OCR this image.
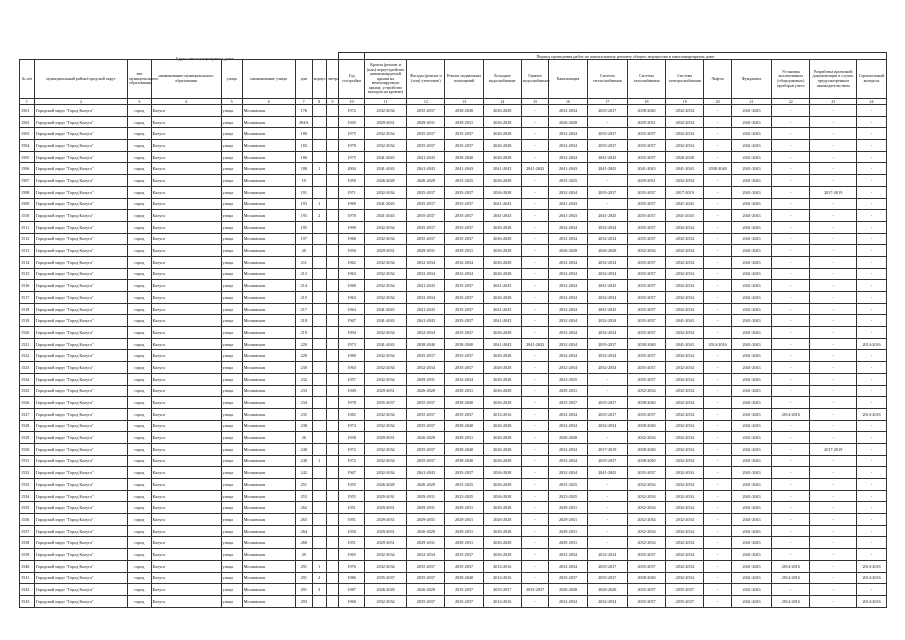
Адрес многоквартирного дома
										Период проведения работ по капитальному ремонту общего имущества в многоквартирном доме													
№ п/п	муниципальный район/городской округ	тип муниципального образования	наименование муниципального образования	улица	наименование улицы	дом	корпус	литера	Год постройки	Кровля (ремонт и (или) переустройство невентилируемой крыши на вентилируемую крышу, устройство выходов на кровлю)	Фасады (ремонт и (или) утепление)	Ремонт подвальных помещений	Холодное водоснабжение	Горячее водоснабжение	Канализация	Система теплоснабжения	Система газоснабжения	Система электроснабжения	Лифты	Фундамент	Установка коллективных (общедомовых) приборов учета	Разработка проектной документации в случае, предусмотренном законодательством	Строительный контроль
1	2	3	4	5	6	7	8	9	10	11	12	13	14	15	16	17	18	19	20	21	22	23	24
1501	Городской округ "Город Калуга"	город	Калуга	улица	Московская	176			1972	2032-2034	2035-2037	2038-2040	2026-2028	-	2032-2034	2035-2037	2038-2040	2032-2034	-	2041-2043	-	-	-
1502	Городской округ "Город Калуга"	город	Калуга	улица	Московская	284А			1945	2029-2031	2029-2031	2029-2031	2026-2028	-	2026-2028	-	2029-2031	2032-2034	-	2041-2043	-	-	-
1503	Городской округ "Город Калуга"	город	Калуга	улица	Московская	180			1975	2032-2034	2035-2037	2035-2037	2026-2028	-	2032-2034	2035-2037	2035-2037	2032-2034	-	2041-2043	-	-	-
1504	Городской округ "Город Калуга"	город	Калуга	улица	Московская	182			1978	2032-2034	2035-2037	2035-2037	2026-2028	-	2032-2034	2035-2037	2035-2037	2032-2034	-	2041-2043	-	-	-
1505	Городской округ "Город Калуга"	город	Калуга	улица	Московская	186			1975	2041-2043	2041-2043	2038-2040	2026-2028	-	2032-2034	2041-2043	2035-2037	2026-2028	-	2041-2043	-	-	-
1506	Городской округ "Город Калуга"	город	Калуга	улица	Московская	188	1		2004	2041-2043	2041-2043	2041-2043	2041-2043	2041-2043	2041-2043	2041-2043	2041-2043	2041-2043	2038-2040	2041-2043	-	-	-
1507	Городской округ "Город Калуга"	город	Калуга	улица	Московская	19			1959	2026-2028	2026-2028	2023-2025	2026-2028	-	2023-2025	-	2029-2031	2032-2034	-	2041-2043	-	-	-
1508	Городской округ "Город Калуга"	город	Калуга	улица	Московская	191			1971	2032-2034	2035-2037	2035-2037	2026-2028	-	2032-2034	2035-2037	2035-2037	2017-2019	-	2041-2043	-	2017-2019	-
1509	Городской округ "Город Калуга"	город	Калуга	улица	Московская	193	1		1969	2041-2043	2035-2037	2035-2037	2041-2043	-	2041-2043	-	2035-2037	2041-2043	-	2041-2043	-	-	-
1510	Городской округ "Город Калуга"	город	Калуга	улица	Московская	193	2		1970	2041-2043	2035-2037	2035-2037	2041-2043	-	2041-2043	2041-2043	2035-2037	2041-2043	-	2041-2043	-	-	-
1511	Городской округ "Город Калуга"	город	Калуга	улица	Московская	195			1990	2032-2034	2035-2037	2035-2037	2026-2028	-	2032-2034	2032-2034	2035-2037	2032-2034	-	2041-2043	-	-	-
1512	Городской округ "Город Калуга"	город	Калуга	улица	Московская	197			1968	2032-2034	2035-2037	2035-2037	2026-2028	-	2032-2034	2032-2034	2035-2037	2032-2034	-	2041-2043	-	-	-
1513	Городской округ "Город Калуга"	город	Калуга	улица	Московская	20			1950	2029-2031	2029-2031	2029-2031	2026-2028	-	2026-2028	2026-2028	2032-2034	2032-2034	-	2041-2043	-	-	-
1514	Городской округ "Город Калуга"	город	Калуга	улица	Московская	211			1962	2032-2034	2032-2034	2032-2034	2026-2028	-	2032-2034	2032-2034	2035-2037	2032-2034	-	2041-2043	-	-	-
1515	Городской округ "Город Калуга"	город	Калуга	улица	Московская	213			1963	2032-2034	2032-2034	2032-2034	2026-2028	-	2032-2034	2032-2034	2035-2037	2032-2034	-	2041-2043	-	-	-
1516	Городской округ "Город Калуга"	город	Калуга	улица	Московская	214			1968	2032-2034	2041-2043	2035-2037	2041-2043	-	2032-2034	2041-2043	2035-2037	2032-2034	-	2041-2043	-	-	-
1517	Городской округ "Город Калуга"	город	Калуга	улица	Московская	215			1963	2032-2034	2032-2034	2035-2037	2026-2028	-	2032-2034	2032-2034	2035-2037	2032-2034	-	2041-2043	-	-	-
1518	Городской округ "Город Калуга"	город	Калуга	улица	Московская	217			1964	2041-2043	2041-2043	2035-2037	2041-2043	-	2032-2034	2041-2043	2035-2037	2032-2034	-	2041-2043	-	-	-
1519	Городской округ "Город Калуга"	город	Калуга	улица	Московская	218			1967	2041-2043	2041-2043	2035-2037	2041-2043	-	2032-2034	2032-2034	2035-2037	2041-2043	-	2041-2043	-	-	-
1520	Городской округ "Город Калуга"	город	Калуга	улица	Московская	219			1994	2032-2034	2032-2034	2035-2037	2026-2028	-	2032-2034	2032-2034	2035-2037	2032-2034	-	2041-2043	-	-	-
1521	Городской округ "Город Калуга"	город	Калуга	улица	Московская	220			1973	2041-2043	2038-2040	2038-2040	2041-2043	2041-2043	2032-2034	2035-2037	2038-2040	2041-2043	2014-2016	2041-2043	-	-	2014-2016
1522	Городской округ "Город Калуга"	город	Калуга	улица	Московская	228			1980	2032-2034	2035-2037	2035-2037	2026-2028	-	2032-2034	2032-2034	2035-2037	2032-2034	-	2041-2043	-	-	-
1523	Городской округ "Город Калуга"	город	Калуга	улица	Московская	230			1963	2032-2034	2032-2034	2035-2037	2026-2028	-	2032-2034	2032-2034	2035-2037	2032-2034	-	2041-2043	-	-	-
1524	Городской округ "Город Калуга"	город	Калуга	улица	Московская	232			1957	2032-2034	2029-2031	2032-2034	2026-2028	-	2023-2025	-	2035-2037	2032-2034	-	2041-2043	-	-	-
1525	Городской округ "Город Калуга"	город	Калуга	улица	Московская	233			1949	2029-2031	2026-2028	2029-2031	2026-2028	-	2029-2031	-	2032-2034	2032-2034	-	2041-2043	-	-	-
1526	Городской округ "Город Калуга"	город	Калуга	улица	Московская	234			1978	2035-2037	2035-2037	2038-2040	2026-2028	-	2035-2037	2035-2037	2038-2040	2032-2034	-	2041-2043	-	-	-
1527	Городской округ "Город Калуга"	город	Калуга	улица	Московская	235			1982	2032-2034	2035-2037	2035-2037	2014-2016	-	2032-2034	2035-2037	2035-2037	2032-2034	-	2041-2043	2014-2016	-	2014-2016
1528	Городской округ "Город Калуга"	город	Калуга	улица	Московская	238			1974	2032-2034	2035-2037	2038-2040	2026-2028	-	2032-2034	2032-2034	2038-2040	2032-2034	-	2041-2043	-	-	-
1529	Городской округ "Город Калуга"	город	Калуга	улица	Московская	26			1958	2029-2031	2026-2028	2029-2031	2026-2028	-	2026-2028	-	2032-2034	2032-2034	-	2041-2043	-	-	-
1530	Городской округ "Город Калуга"	город	Калуга	улица	Московская	240			1972	2032-2034	2035-2037	2038-2040	2026-2028	-	2032-2034	2017-2019	2038-2040	2032-2034	-	2041-2043	-	2017-2019	-
1531	Городской округ "Город Калуга"	город	Калуга	улица	Московская	240	1		1972	2032-2034	2035-2037	2038-2040	2026-2028	-	2032-2034	2035-2037	2038-2040	2032-2034	-	2041-2043	-	-	-
1532	Городской округ "Город Калуга"	город	Калуга	улица	Московская	242			1967	2032-2034	2041-2043	2035-2037	2026-2028	-	2032-2034	2041-2043	2035-2037	2032-2034	-	2041-2043	-	-	-
1533	Городской округ "Город Калуга"	город	Калуга	улица	Московская	251			1955	2026-2028	2026-2028	2023-2025	2026-2028	-	2023-2025	-	2032-2034	2032-2034	-	2041-2043	-	-	-
1534	Городской округ "Город Калуга"	город	Калуга	улица	Московская	253			1955	2029-2031	2029-2031	2023-2025	2026-2028	-	2023-2025	-	2032-2034	2032-2034	-	2041-2043	-	-	-
1535	Городской округ "Город Калуга"	город	Калуга	улица	Московская	262			1951	2029-2031	2029-2031	2029-2031	2026-2028	-	2029-2031	-	2032-2034	2032-2034	-	2041-2043	-	-	-
1536	Городской округ "Город Калуга"	город	Калуга	улица	Московская	263			1951	2029-2031	2029-2031	2029-2031	2026-2028	-	2029-2031	-	2032-2034	2032-2034	-	2041-2043	-	-	-
1537	Городской округ "Город Калуга"	город	Калуга	улица	Московская	264			1950	2029-2031	2026-2028	2029-2031	2026-2028	-	2029-2031	-	2032-2034	2032-2034	-	2041-2043	-	-	-
1538	Городской округ "Город Калуга"	город	Калуга	улица	Московская	268			1951	2029-2031	2029-2031	2029-2031	2026-2028	-	2029-2031	-	2032-2034	2032-2034	-	2041-2043	-	-	-
1539	Городской округ "Город Калуга"	город	Калуга	улица	Московская	29			1965	2032-2034	2032-2034	2035-2037	2026-2028	-	2032-2034	2032-2034	2035-2037	2032-2034	-	2041-2043	-	-	-
1540	Городской округ "Город Калуга"	город	Калуга	улица	Московская	291	1		1976	2032-2034	2035-2037	2035-2037	2014-2016	-	2032-2034	2035-2037	2035-2037	2032-2034	-	2041-2043	2014-2016	-	2014-2016
1541	Городской округ "Город Калуга"	город	Калуга	улица	Московская	291	2		1986	2035-2037	2035-2037	2038-2040	2014-2016	-	2035-2037	2035-2037	2038-2040	2032-2034	-	2041-2043	2014-2016	-	2014-2016
1542	Городской округ "Город Калуга"	город	Калуга	улица	Московская	291	3		1987	2026-2028	2026-2028	2035-2037	2035-2037	2035-2037	2026-2028	2026-2028	2035-2037	2035-2037	-	2041-2043	-	-	-
1543	Городской округ "Город Калуга"	город	Калуга	улица	Московская	293			1960	2032-2034	2035-2037	2035-2037	2014-2016	-	2032-2034	2032-2034	2035-2037	2035-2037	-	2041-2043	2014-2016	-	2014-2016
